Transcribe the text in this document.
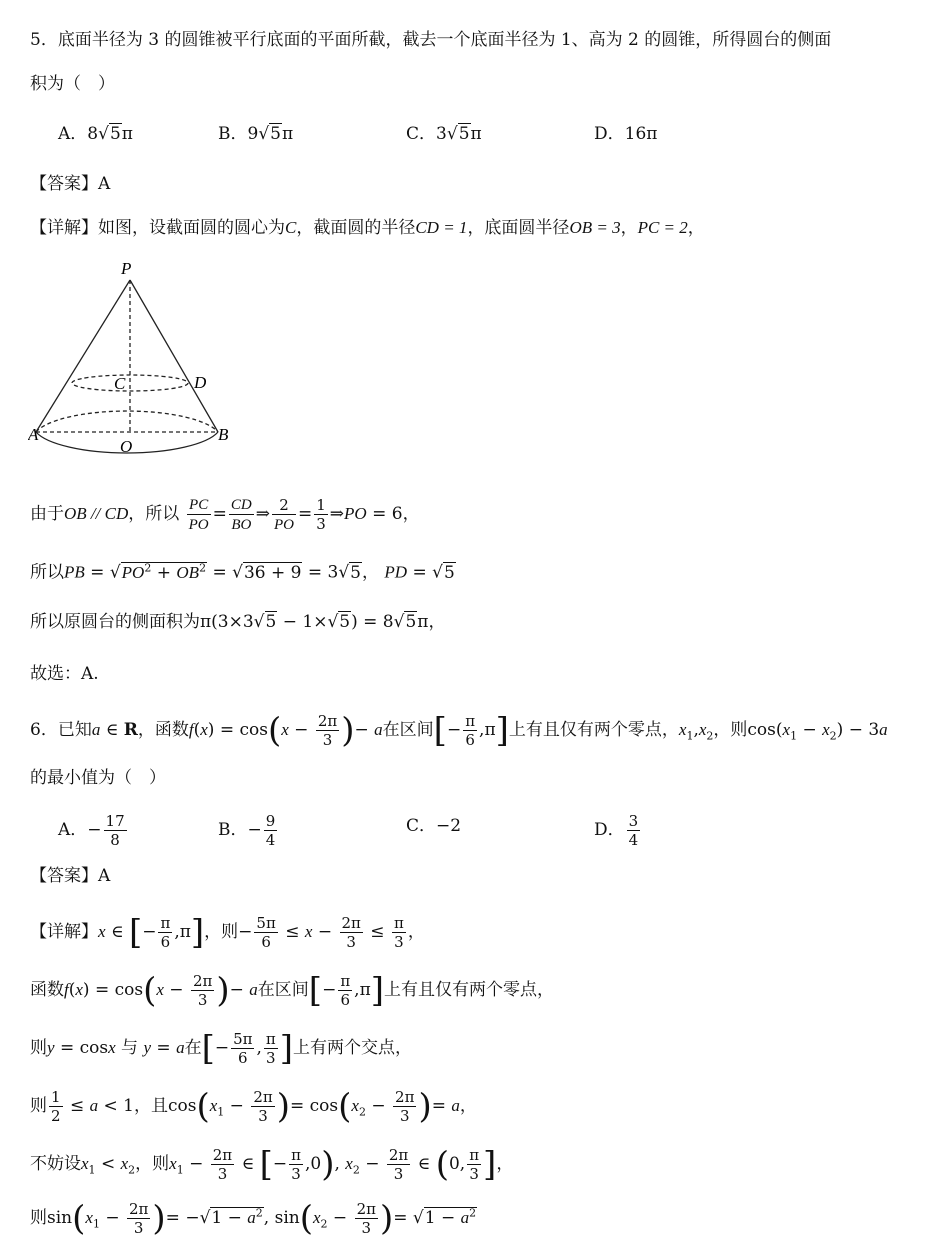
5．底面半径为 3 的圆锥被平行底面的平面所截，截去一个底面半径为 1、高为 2 的圆锥，所得圆台的侧面
积为（　）
A．8√5π	B．9√5π	C．3√5π	D．16π
【答案】A
【详解】如图，设截面圆的圆心为C，截面圆的半径CD = 1，底面圆半径OB = 3，PC = 2，
P
C	D
A	B
O
由于OB // CD，所以 $\frac{PC}{PO} = \frac{CD}{BO}$ ⇒ $\frac{2}{PO} = \frac{1}{3}$ ⇒PO = 6，
所以PB = $√PO^2 + OB^2 = √36 + 9 = 3√5$， PD = √5
所以原圆台的侧面积为π(3×3√5 − 1×√5) = 8√5π，
故选：A.
6．已知a ∈ R，函数$f(x) = \cos(x - \frac{2\pi}{3}$ )− a在区间[− $\frac{\pi}{6} ,\pi$]上有且仅有两个零点，$x_1,x_2$，则$\cos(x_1 - x_2) - 3a$
的最小值为（　）
A．− $\frac{17}{8}$	B．− $\frac{9}{4}$	C．−2	D． $\frac{3}{4}$
【答案】A
【详解】x ∈ [− $\frac{\pi}{6} ,\pi$]，则− $\frac{5\pi}{6} \le x - \frac{2\pi}{3} \le \frac{\pi}{3}$ ，
函数$f(x) = \cos(x - \frac{2\pi}{3}$ )− a在区间[− $\frac{\pi}{6} ,\pi$]上有且仅有两个零点，
则y = cosx 与 y = a在[− $\frac{5\pi}{6}$ , $\frac{\pi}{3}$ ]上有两个交点，
则 $\frac{1}{2} \le a < 1$，且$\cos(x_1 - \frac{2\pi}{3}$ )= $\cos(x_2 - \frac{2\pi}{3}$ )= a，
不妨设$x_1 < x_2$，则$x_1 - \frac{2\pi}{3}$ ∈ [− $\frac{\pi}{3} ,0$), $x_2 - \frac{2\pi}{3}$ ∈ (0, $\frac{\pi}{3}$ ]，
则$\sin(x_1 - \frac{2\pi}{3}$ )= $-√1 - a^2$, $\sin(x_2 - \frac{2\pi}{3}$ )= $√1 - a^2$
